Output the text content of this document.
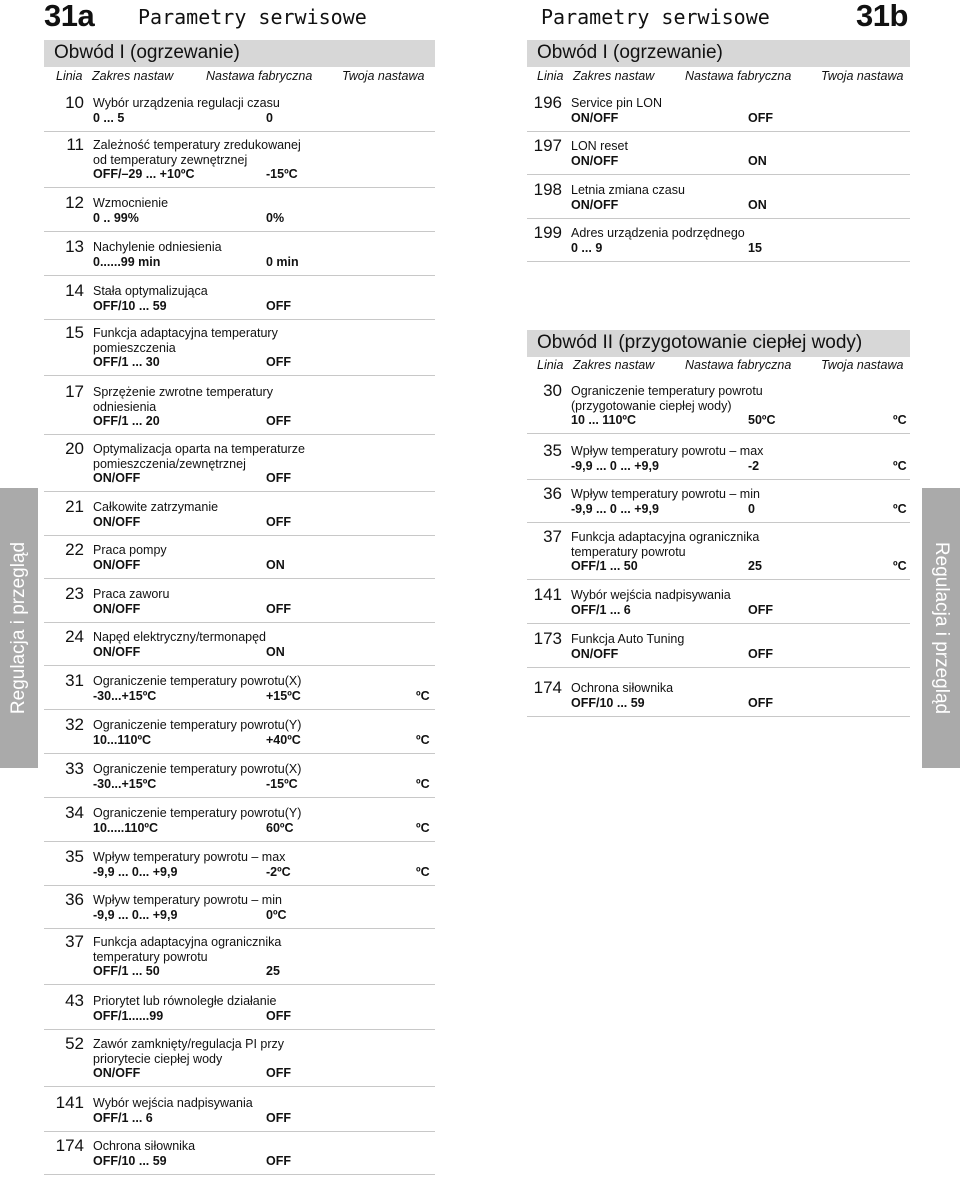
31a Parametry serwisowe	Parametry serwisowe	31b
Regulacja i przegląd	Regulacja i przegląd
Obwód I (ogrzewanie)
Linia Zakres nastaw	Nastawa fabryczna Twoja nastawa
Obwód I (ogrzewanie)
Linia Zakres nastaw Nastawa fabryczna Twoja nastawa
Obwód II (przygotowanie ciepłej wody)
Linia Zakres nastaw Nastawa fabryczna Twoja nastawa
10 Wybór urządzenia regulacji czasu
0 ... 5	0
11 Zależność temperatury zredukowanej
od temperatury zewnętrznej
OFF/–29 ... +10ºC	-15ºC
12 Wzmocnienie
0 .. 99%	0%
13 Nachylenie odniesienia
0......99 min	0 min
14 Stała optymalizująca
OFF/10 ... 59	OFF
15 Funkcja adaptacyjna temperatury
pomieszczenia
OFF/1 ... 30	OFF
17 Sprzężenie zwrotne temperatury
odniesienia
OFF/1 ... 20	OFF
20 Optymalizacja oparta na temperaturze
pomieszczenia/zewnętrznej
ON/OFF	OFF
21 Całkowite zatrzymanie
ON/OFF	OFF
22 Praca pompy
ON/OFF	ON
23 Praca zaworu
ON/OFF	OFF
24 Napęd elektryczny/termonapęd
ON/OFF	ON
31 Ograniczenie temperatury powrotu(X)
-30...+15ºC	+15ºC	ºC
32 Ograniczenie temperatury powrotu(Y)
10...110ºC	+40ºC	ºC
33 Ograniczenie temperatury powrotu(X)
-30...+15ºC	-15ºC	ºC
34 Ograniczenie temperatury powrotu(Y)
10.....110ºC	60ºC	ºC
35 Wpływ temperatury powrotu – max
-9,9 ... 0... +9,9	-2ºC	ºC
36 Wpływ temperatury powrotu – min
-9,9 ... 0... +9,9	0ºC
37 Funkcja adaptacyjna ogranicznika
temperatury powrotu
OFF/1 ... 50	25
43 Priorytet lub równoległe działanie
OFF/1......99	OFF
52 Zawór zamknięty/regulacja PI przy
priorytecie ciepłej wody
ON/OFF	OFF
141 Wybór wejścia nadpisywania
OFF/1 ... 6	OFF
174 Ochrona siłownika
OFF/10 ... 59	OFF
196 Service pin LON
ON/OFF	OFF
197 LON reset
ON/OFF	ON
198 Letnia zmiana czasu
ON/OFF	ON
199 Adres urządzenia podrzędnego
0 ... 9	15
30 Ograniczenie temperatury powrotu
(przygotowanie ciepłej wody)
10 ... 110ºC	50ºC	ºC
35 Wpływ temperatury powrotu – max
-9,9 ... 0 ... +9,9	-2	ºC
36 Wpływ temperatury powrotu – min
-9,9 ... 0 ... +9,9	0	ºC
37 Funkcja adaptacyjna ogranicznika
temperatury powrotu
OFF/1 ... 50	25	ºC
141 Wybór wejścia nadpisywania
OFF/1 ... 6	OFF
173 Funkcja Auto Tuning
ON/OFF	OFF
174 Ochrona siłownika
OFF/10 ... 59	OFF
